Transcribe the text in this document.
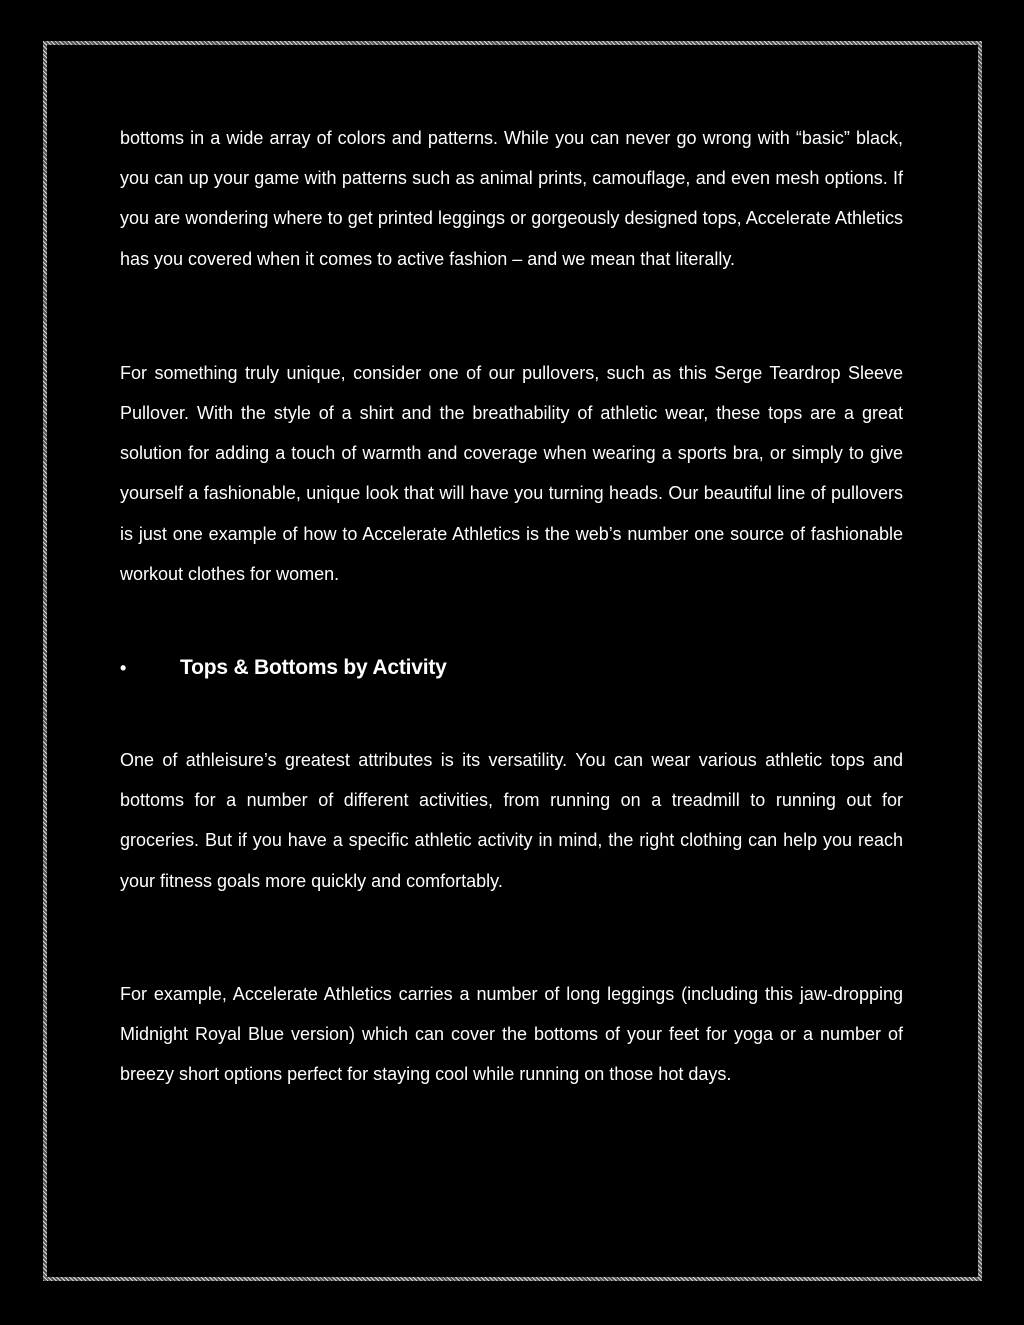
bottoms in a wide array of colors and patterns. While you can never go wrong with “basic” black, you can up your game with patterns such as animal prints, camouflage, and even mesh options. If you are wondering where to get printed leggings or gorgeously designed tops, Accelerate Athletics has you covered when it comes to active fashion – and we mean that literally.

For something truly unique, consider one of our pullovers, such as this Serge Teardrop Sleeve Pullover. With the style of a shirt and the breathability of athletic wear, these tops are a great solution for adding a touch of warmth and coverage when wearing a sports bra, or simply to give yourself a fashionable, unique look that will have you turning heads. Our beautiful line of pullovers is just one example of how to Accelerate Athletics is the web’s number one source of fashionable workout clothes for women.

•	Tops & Bottoms by Activity

One of athleisure’s greatest attributes is its versatility. You can wear various athletic tops and bottoms for a number of different activities, from running on a treadmill to running out for groceries. But if you have a specific athletic activity in mind, the right clothing can help you reach your fitness goals more quickly and comfortably.

For example, Accelerate Athletics carries a number of long leggings (including this jaw-dropping Midnight Royal Blue version) which can cover the bottoms of your feet for yoga or a number of breezy short options perfect for staying cool while running on those hot days.
